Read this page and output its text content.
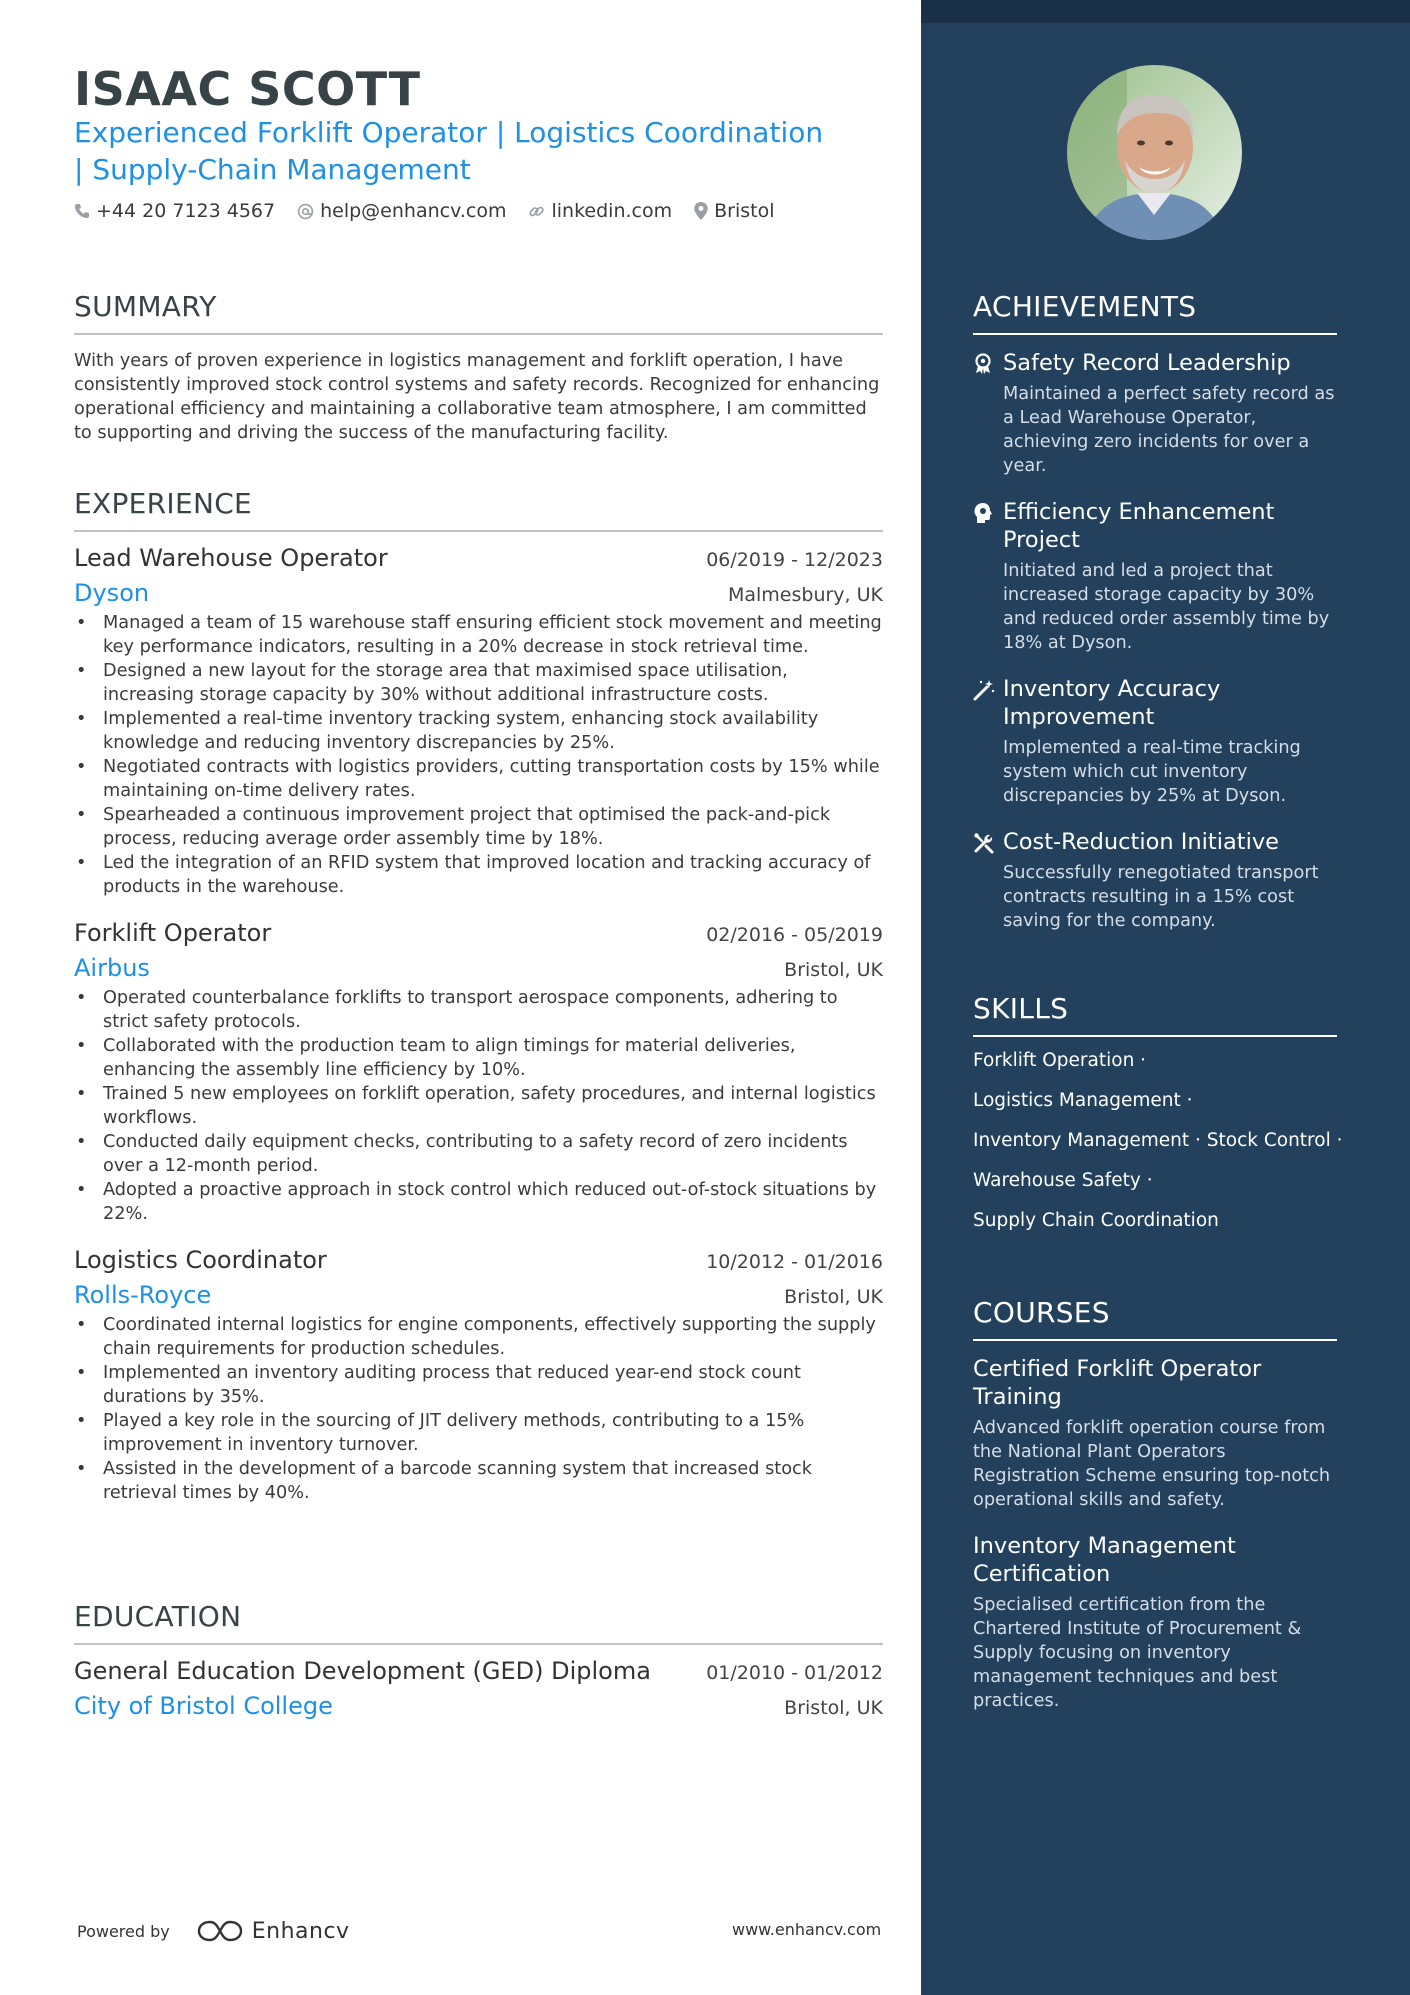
ISAAC SCOTT
Experienced Forklift Operator | Logistics Coordination
| Supply-Chain Management
+44 20 7123 4567 help@enhancv.com linkedin.com Bristol
SUMMARY
With years of proven experience in logistics management and forklift operation, I have consistently improved stock control systems and safety records. Recognized for enhancing operational efficiency and maintaining a collaborative team atmosphere, I am committed to supporting and driving the success of the manufacturing facility.
EXPERIENCE
Lead Warehouse Operator	06/2019 - 12/2023
Dyson	Malmesbury, UK
• Managed a team of 15 warehouse staff ensuring efficient stock movement and meeting key performance indicators, resulting in a 20% decrease in stock retrieval time.
• Designed a new layout for the storage area that maximised space utilisation, increasing storage capacity by 30% without additional infrastructure costs.
• Implemented a real-time inventory tracking system, enhancing stock availability knowledge and reducing inventory discrepancies by 25%.
• Negotiated contracts with logistics providers, cutting transportation costs by 15% while maintaining on-time delivery rates.
• Spearheaded a continuous improvement project that optimised the pack-and-pick process, reducing average order assembly time by 18%.
• Led the integration of an RFID system that improved location and tracking accuracy of products in the warehouse.
Forklift Operator	02/2016 - 05/2019
Airbus	Bristol, UK
• Operated counterbalance forklifts to transport aerospace components, adhering to strict safety protocols.
• Collaborated with the production team to align timings for material deliveries, enhancing the assembly line efficiency by 10%.
• Trained 5 new employees on forklift operation, safety procedures, and internal logistics workflows.
• Conducted daily equipment checks, contributing to a safety record of zero incidents over a 12-month period.
• Adopted a proactive approach in stock control which reduced out-of-stock situations by 22%.
Logistics Coordinator	10/2012 - 01/2016
Rolls-Royce	Bristol, UK
• Coordinated internal logistics for engine components, effectively supporting the supply chain requirements for production schedules.
• Implemented an inventory auditing process that reduced year-end stock count durations by 35%.
• Played a key role in the sourcing of JIT delivery methods, contributing to a 15% improvement in inventory turnover.
• Assisted in the development of a barcode scanning system that increased stock retrieval times by 40%.
EDUCATION
General Education Development (GED) Diploma	01/2010 - 01/2012
City of Bristol College	Bristol, UK
Powered by	Enhancv	www.enhancv.com
ACHIEVEMENTS
Safety Record Leadership
Maintained a perfect safety record as a Lead Warehouse Operator, achieving zero incidents for over a year.
Efficiency Enhancement Project
Initiated and led a project that increased storage capacity by 30% and reduced order assembly time by 18% at Dyson.
Inventory Accuracy Improvement
Implemented a real-time tracking system which cut inventory discrepancies by 25% at Dyson.
Cost-Reduction Initiative
Successfully renegotiated transport contracts resulting in a 15% cost saving for the company.
SKILLS
Forklift Operation ·
Logistics Management ·
Inventory Management · Stock Control ·
Warehouse Safety ·
Supply Chain Coordination
COURSES
Certified Forklift Operator Training
Advanced forklift operation course from the National Plant Operators Registration Scheme ensuring top-notch operational skills and safety.
Inventory Management Certification
Specialised certification from the Chartered Institute of Procurement & Supply focusing on inventory management techniques and best practices.
